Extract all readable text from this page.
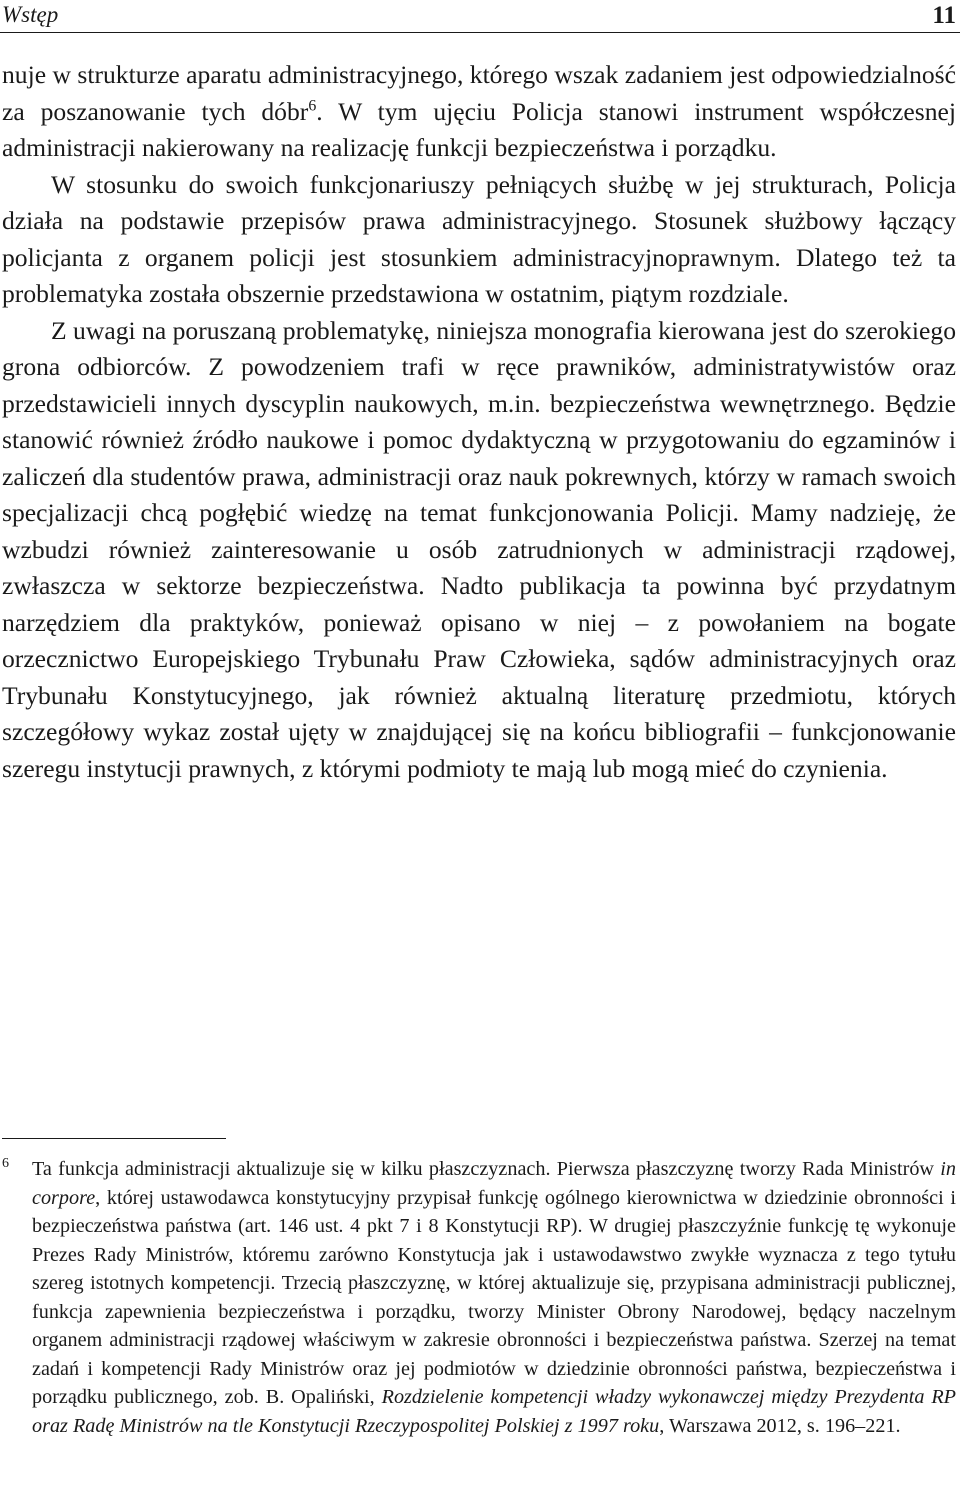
Wstęp	11

nuje w strukturze aparatu administracyjnego, którego wszak zadaniem jest odpowiedzialność za poszanowanie tych dóbr$^6$. W tym ujęciu Policja stanowi instrument współczesnej administracji nakierowany na realizację funkcji bezpieczeństwa i porządku.

W stosunku do swoich funkcjonariuszy pełniących służbę w jej strukturach, Policja działa na podstawie przepisów prawa administracyjnego. Stosunek służbowy łączący policjanta z organem policji jest stosunkiem administracyjnoprawnym. Dlatego też ta problematyka została obszernie przedstawiona w ostatnim, piątym rozdziale.

Z uwagi na poruszaną problematykę, niniejsza monografia kierowana jest do szerokiego grona odbiorców. Z powodzeniem trafi w ręce prawników, administratywistów oraz przedstawicieli innych dyscyplin naukowych, m.in. bezpieczeństwa wewnętrznego. Będzie stanowić również źródło naukowe i pomoc dydaktyczną w przygotowaniu do egzaminów i zaliczeń dla studentów prawa, administracji oraz nauk pokrewnych, którzy w ramach swoich specjalizacji chcą pogłębić wiedzę na temat funkcjonowania Policji. Mamy nadzieję, że wzbudzi również zainteresowanie u osób zatrudnionych w administracji rządowej, zwłaszcza w sektorze bezpieczeństwa. Nadto publikacja ta powinna być przydatnym narzędziem dla praktyków, ponieważ opisano w niej – z powołaniem na bogate orzecznictwo Europejskiego Trybunału Praw Człowieka, sądów administracyjnych oraz Trybunału Konstytucyjnego, jak również aktualną literaturę przedmiotu, których szczegółowy wykaz został ujęty w znajdującej się na końcu bibliografii – funkcjonowanie szeregu instytucji prawnych, z którymi podmioty te mają lub mogą mieć do czynienia.

6 Ta funkcja administracji aktualizuje się w kilku płaszczyznach. Pierwsza płaszczyznę tworzy Rada Ministrów in corpore, której ustawodawca konstytucyjny przypisał funkcję ogólnego kierownictwa w dziedzinie obronności i bezpieczeństwa państwa (art. 146 ust. 4 pkt 7 i 8 Konstytucji RP). W drugiej płaszczyźnie funkcję tę wykonuje Prezes Rady Ministrów, któremu zarówno Konstytucja jak i ustawodawstwo zwykłe wyznacza z tego tytułu szereg istotnych kompetencji. Trzecią płaszczyznę, w której aktualizuje się, przypisana administracji publicznej, funkcja zapewnienia bezpieczeństwa i porządku, tworzy Minister Obrony Narodowej, będący naczelnym organem administracji rządowej właściwym w zakresie obronności i bezpieczeństwa państwa. Szerzej na temat zadań i kompetencji Rady Ministrów oraz jej podmiotów w dziedzinie obronności państwa, bezpieczeństwa i porządku publicznego, zob. B. Opaliński, Rozdzielenie kompetencji władzy wykonawczej między Prezydenta RP oraz Radę Ministrów na tle Konstytucji Rzeczypospolitej Polskiej z 1997 roku, Warszawa 2012, s. 196–221.
